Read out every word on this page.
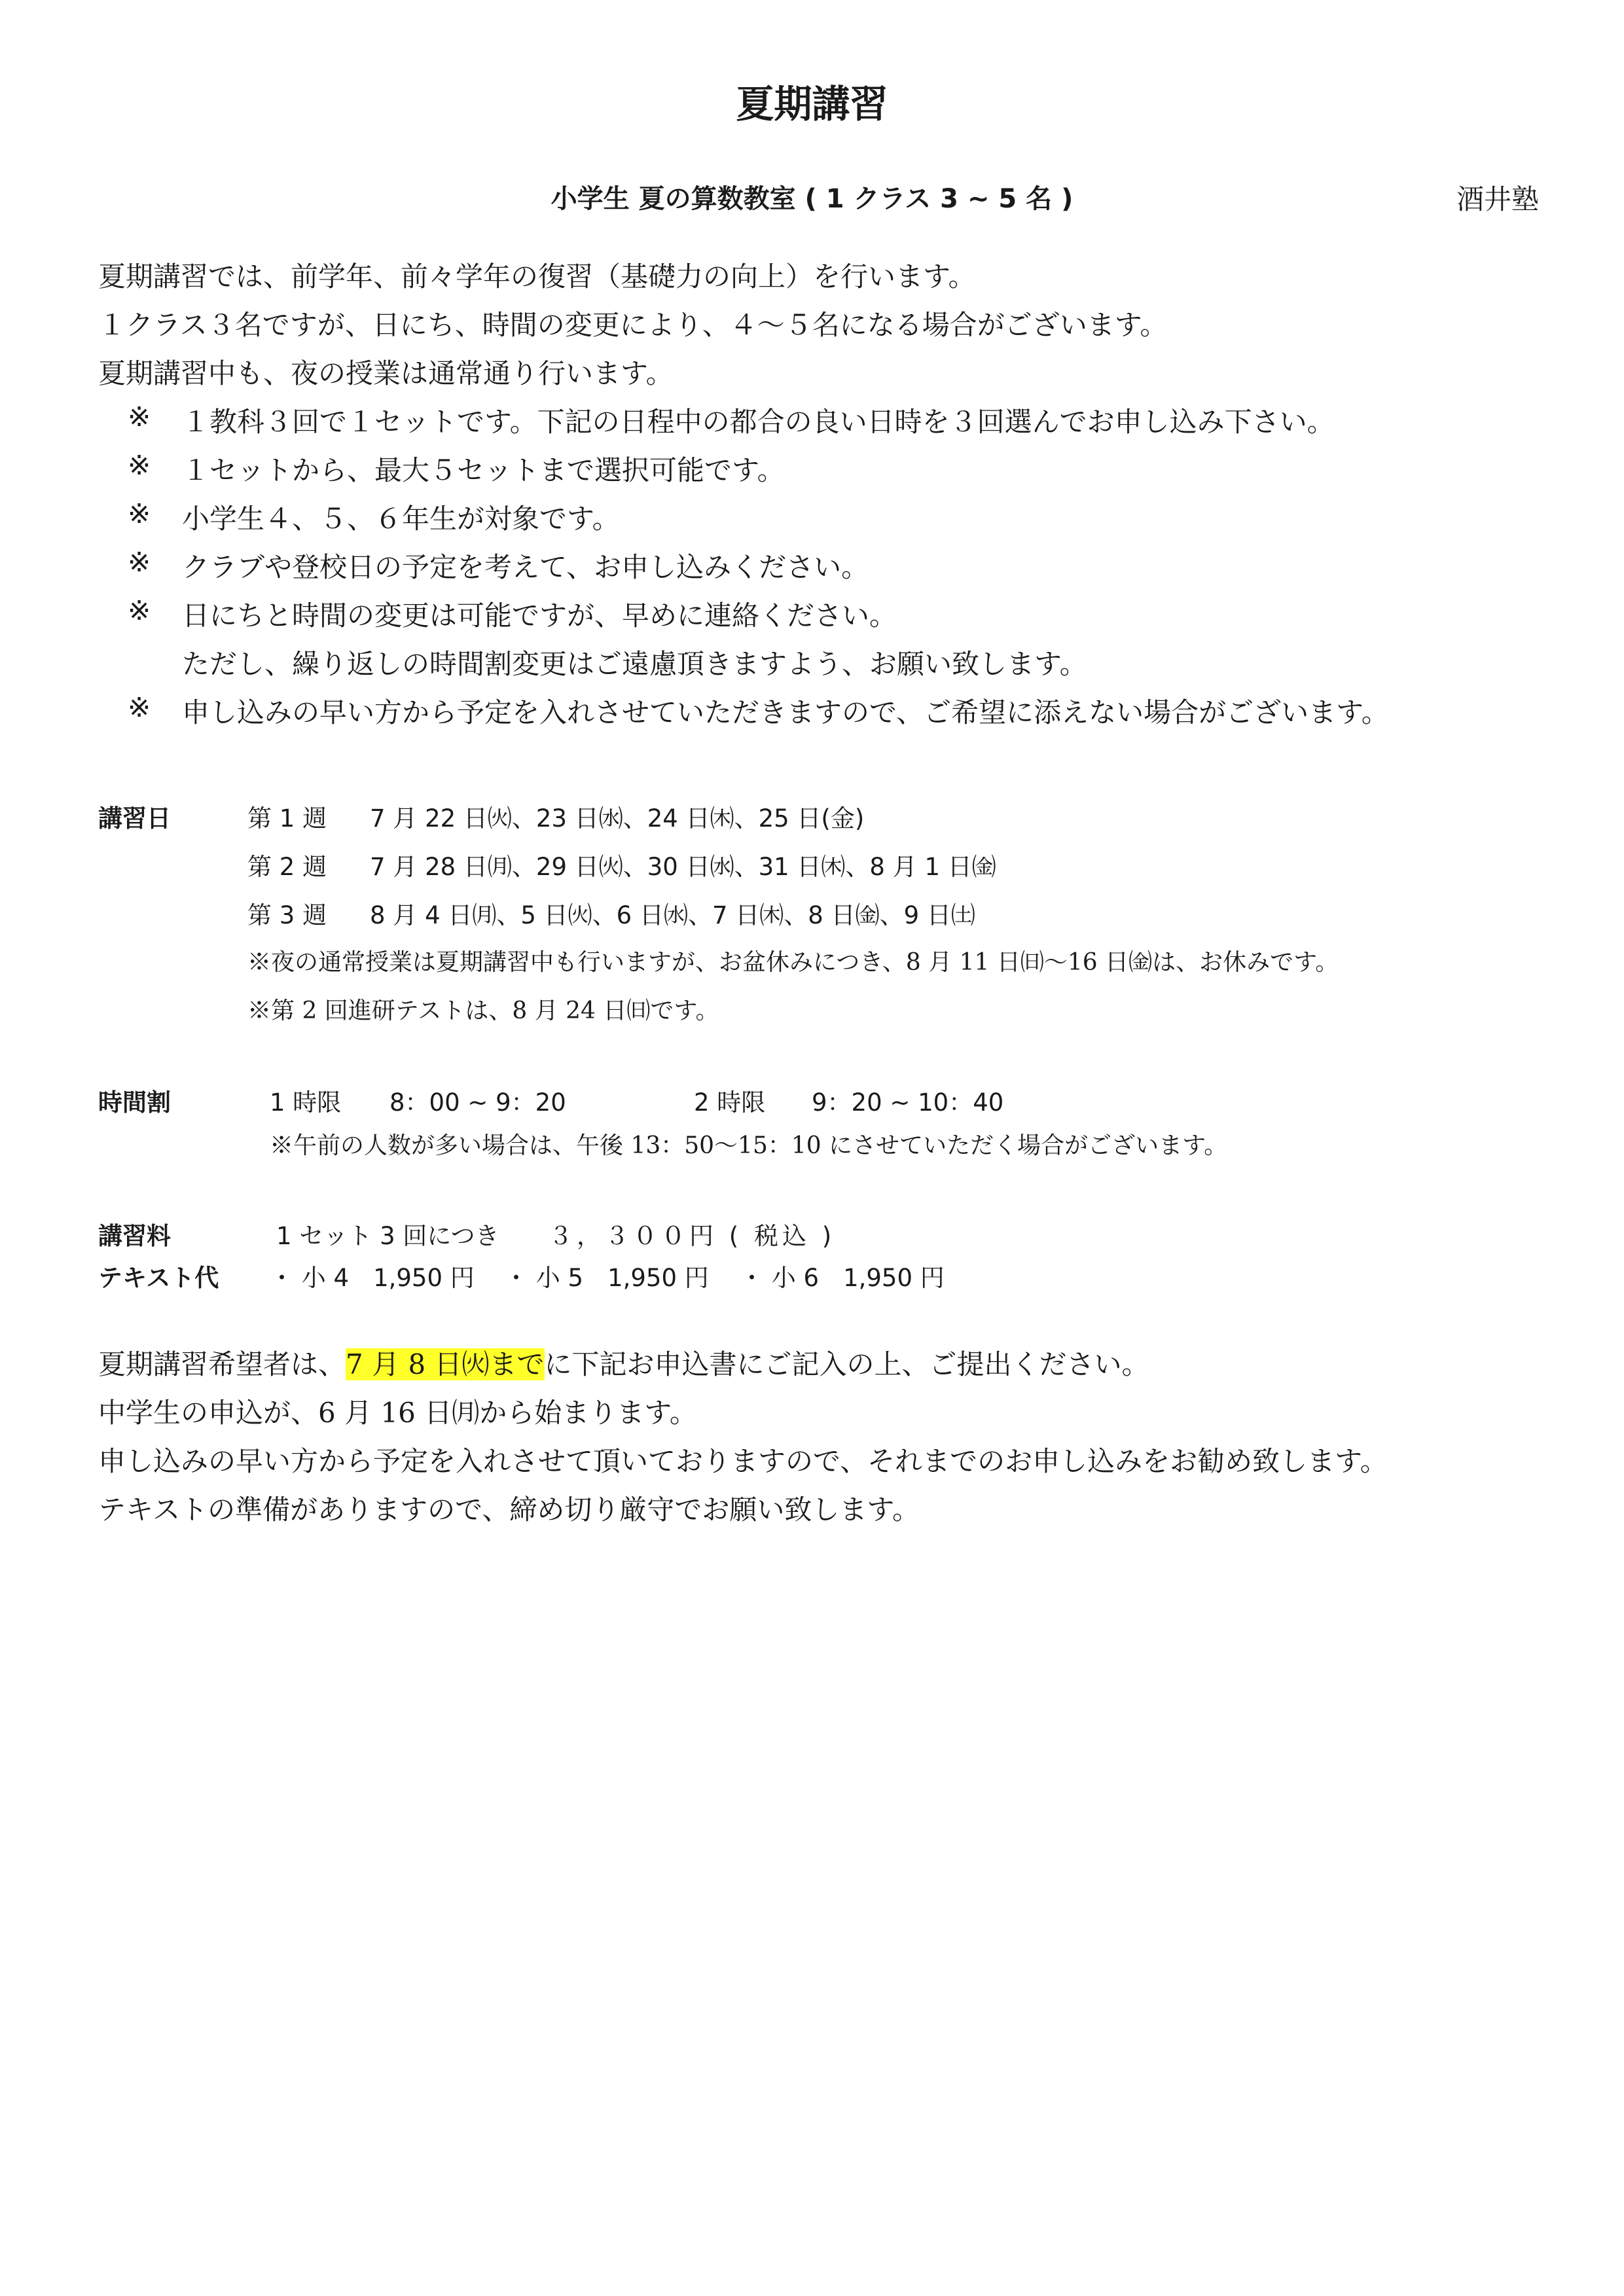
夏期講習
小学生 夏の算数教室 ( 1 クラス 3 ~ 5 名 )	酒井塾
夏期講習では、前学年、前々学年の復習（基礎力の向上）を行います。
１クラス３名ですが、日にち、時間の変更により、４～５名になる場合がございます。
夏期講習中も、夜の授業は通常通り行います。
※ １教科３回で１セットです。下記の日程中の都合の良い日時を３回選んでお申し込み下さい。
※ １セットから、最大５セットまで選択可能です。
※ 小学生４、５、６年生が対象です。
※ クラブや登校日の予定を考えて、お申し込みください。
※ 日にちと時間の変更は可能ですが、早めに連絡ください。
ただし、繰り返しの時間割変更はご遠慮頂きますよう、お願い致します。
※ 申し込みの早い方から予定を入れさせていただきますので、ご希望に添えない場合がございます。
講習日	第 1 週 7 月 22 日㈫、23 日㈬、24 日㈭、25 日(金)
第 2 週 7 月 28 日㈪、29 日㈫、30 日㈬、31 日㈭、8 月 1 日㈮
第 3 週 8 月 4 日㈪、5 日㈫、6 日㈬、7 日㈭、8 日㈮、9 日㈯
※夜の通常授業は夏期講習中も行いますが、お盆休みにつき、8 月 11 日㈰～16 日㈮は、お休みです。
※第 2 回進研テストは、8 月 24 日㈰です。
時間割	1 時限 8：00 ~ 9：20	2 時限 9：20 ~ 10：40
※午前の人数が多い場合は、午後 13：50～15：10 にさせていただく場合がございます。
講習料	1 セット 3 回につき ３，３００円 ( 税込 )
テキスト代 ・ 小 4　1,950 円 ・ 小 5　1,950 円 ・ 小 6　1,950 円
夏期講習希望者は、7 月 8 日㈫までに下記お申込書にご記入の上、ご提出ください。
中学生の申込が、6 月 16 日㈪から始まります。
申し込みの早い方から予定を入れさせて頂いておりますので、それまでのお申し込みをお勧め致します。
テキストの準備がありますので、締め切り厳守でお願い致します。
